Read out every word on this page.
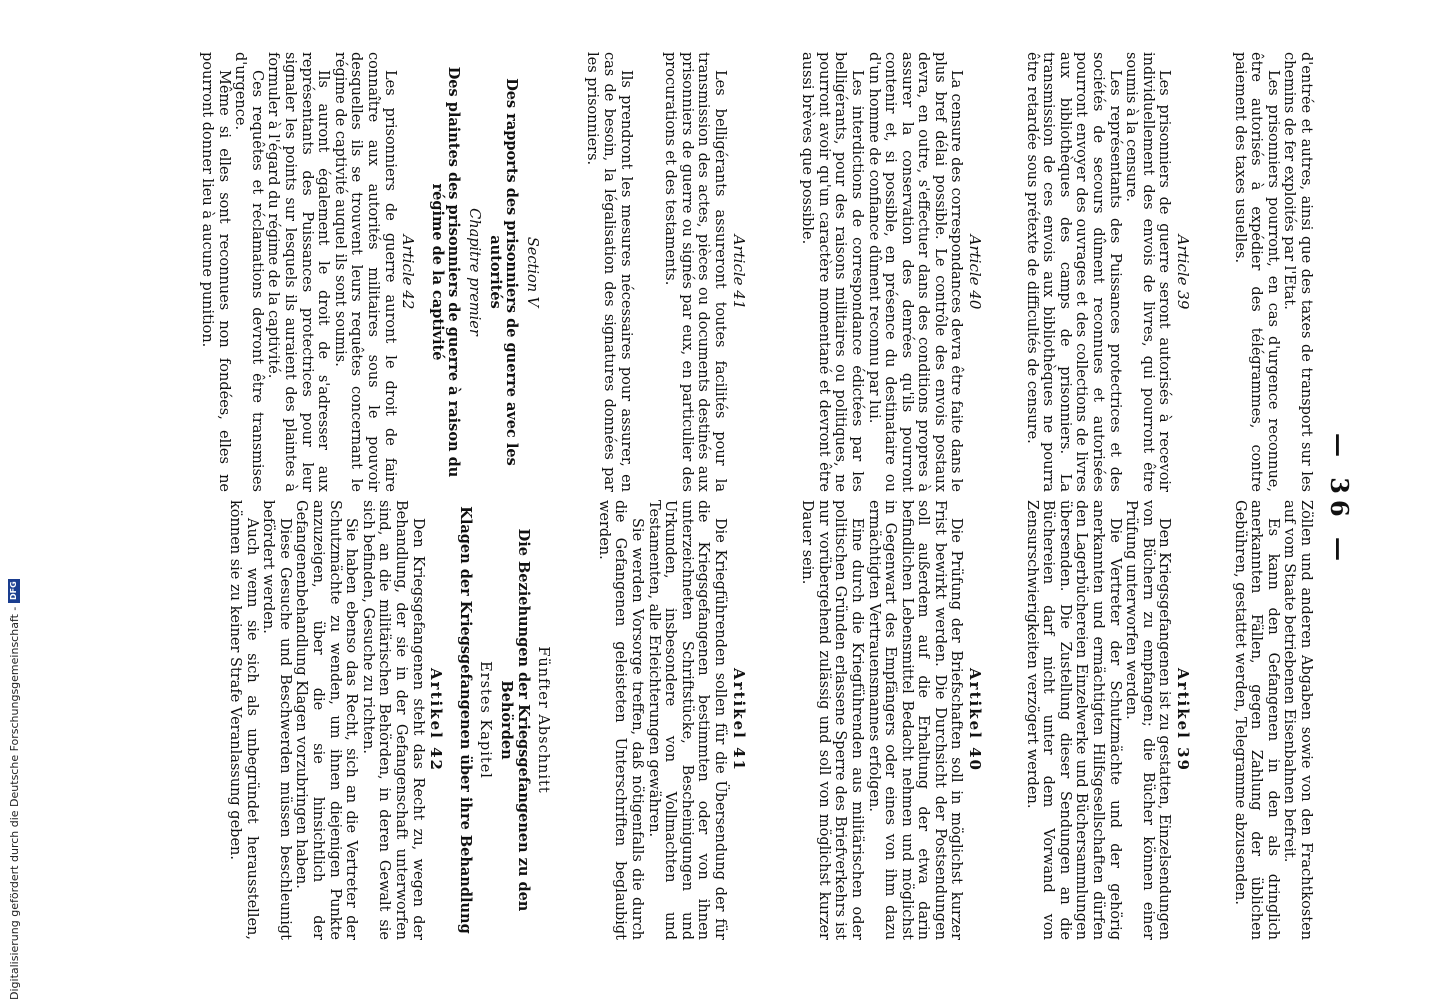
— 36 —

d'entrée et autres, ainsi que des taxes de transport sur les chemins de fer exploités par l'Etat.

Les prisonniers pourront, en cas d'urgence reconnue, être autorisés à expédier des télégrammes, contre paiement des taxes usuelles.

Article 39

Les prisonniers de guerre seront autorisés à recevoir individuellement des envois de livres, qui pourront être soumis à la censure.

Les représentants des Puissances protectrices et des sociétés de secours dûment reconnues et autorisées pourront envoyer des ouvrages et des collections de livres aux bibliothèques des camps de prisonniers. La transmission de ces envois aux bibliothèques ne pourra être retardée sous prétexte de difficultés de censure.

Article 40

La censure des correspondances devra être faite dans le plus bref délai possible. Le contrôle des envois postaux devra, en outre, s'effectuer dans des conditions propres à assurer la conservation des denrées qu'ils pourront contenir et, si possible, en présence du destinataire ou d'un homme de confiance dûment reconnu par lui.

Les interdictions de correspondance édictées par les belligérants, pour des raisons militaires ou politiques, ne pourront avoir qu'un caractère momentané et devront être aussi brèves que possible.

Article 41

Les belligérants assureront toutes facilités pour la transmission des actes, pièces ou documents destinés aux prisonniers de guerre ou signés par eux, en particulier des procurations et des testaments.

Ils prendront les mesures nécessaires pour assurer, en cas de besoin, la légalisation des signatures données par les prisonniers.

Section V
Des rapports des prisonniers de guerre avec les autorités
Chapitre premier
Des plaintes des prisonniers de guerre à raison du régime de la captivité
Article 42

Les prisonniers de guerre auront le droit de faire connaître aux autorités militaires sous le pouvoir desquelles ils se trouvent leurs requêtes concernant le régime de captivité auquel ils sont soumis.

Ils auront également le droit de s'adresser aux représentants des Puissances protectrices pour leur signaler les points sur lesquels ils auraient des plaintes à formuler à l'égard du régime de la captivité.

Ces requêtes et réclamations devront être transmises d'urgence.

Même si elles sont reconnues non fondées, elles ne pourront donner lieu à aucune punition.

Zöllen und anderen Abgaben sowie von den Frachtkosten auf vom Staate betriebenen Eisenbahnen befreit.

Es kann den Gefangenen in den als dringlich anerkannten Fällen, gegen Zahlung der üblichen Gebühren, gestattet werden, Telegramme abzusenden.

Artikel 39

Den Kriegsgefangenen ist zu gestatten, Einzelsendungen von Büchern zu empfangen; die Bücher können einer Prüfung unterworfen werden.

Die Vertreter der Schutzmächte und der gehörig anerkannten und ermächtigten Hilfsgesellschaften dürfen den Lagerbüchereien Einzelwerke und Büchersammlungen übersenden. Die Zustellung dieser Sendungen an die Büchereien darf nicht unter dem Vorwand von Zensurschwierigkeiten verzögert werden.

Artikel 40

Die Prüfung der Briefschaften soll in möglichst kurzer Frist bewirkt werden. Die Durchsicht der Postsendungen soll außerdem auf die Erhaltung der etwa darin befindlichen Lebensmittel Bedacht nehmen und möglichst in Gegenwart des Empfängers oder eines von ihm dazu ermächtigten Vertrauensmannes erfolgen.

Eine durch die Kriegführenden aus militärischen oder politischen Gründen erlassene Sperre des Briefverkehrs ist nur vorübergehend zulässig und soll von möglichst kurzer Dauer sein.

Artikel 41

Die Kriegführenden sollen für die Übersendung der für die Kriegsgefangenen bestimmten oder von ihnen unterzeichneten Schriftstücke, Bescheinigungen und Urkunden, insbesondere von Vollmachten und Testamenten, alle Erleichterungen gewähren.

Sie werden Vorsorge treffen, daß nötigenfalls die durch die Gefangenen geleisteten Unterschriften beglaubigt werden.

Fünfter Abschnitt
Die Beziehungen der Kriegsgefangenen zu den Behörden
Erstes Kapitel
Klagen der Kriegsgefangenen über ihre Behandlung
Artikel 42

Den Kriegsgefangenen steht das Recht zu, wegen der Behandlung, der sie in der Gefangenschaft unterworfen sind, an die militärischen Behörden, in deren Gewalt sie sich befinden, Gesuche zu richten.

Sie haben ebenso das Recht, sich an die Vertreter der Schutzmächte zu wenden, um ihnen diejenigen Punkte anzuzeigen, über die sie hinsichtlich der Gefangenenbehandlung Klagen vorzubringen haben.

Diese Gesuche und Beschwerden müssen beschleunigt befördert werden.

Auch wenn sie sich als unbegründet herausstellen, können sie zu keiner Strafe Veranlassung geben.

Digitalisierung gefördert durch die Deutsche Forschungsgemeinschaft -
DFG
